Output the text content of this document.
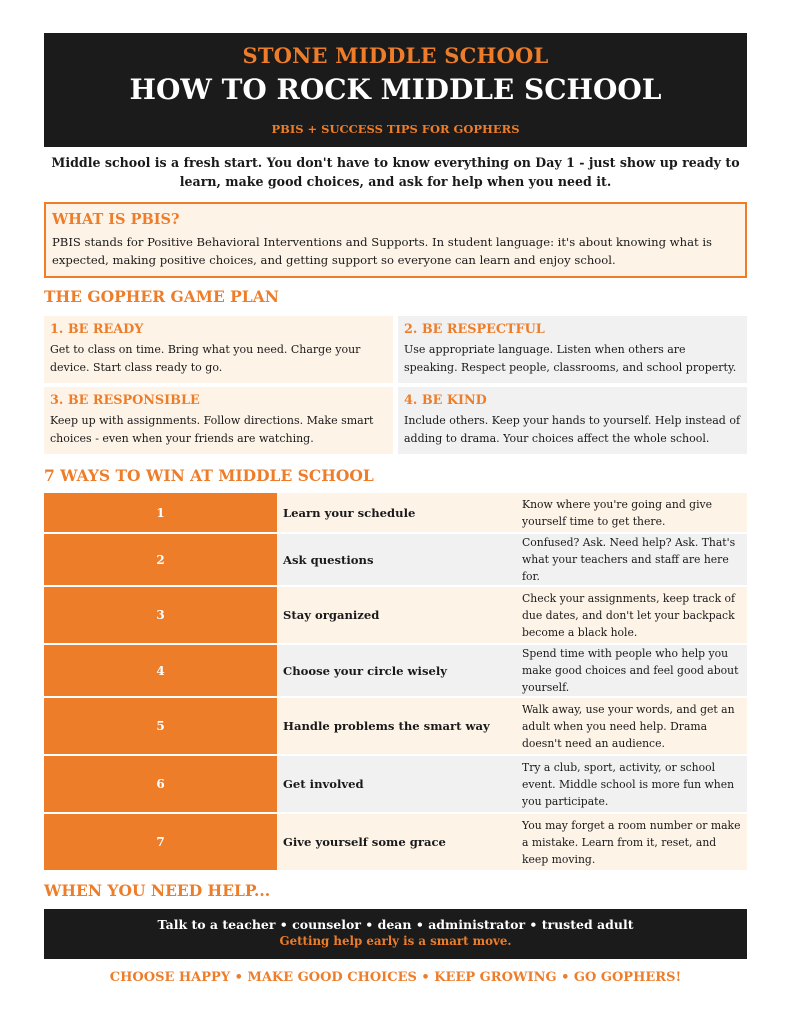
STONE MIDDLE SCHOOL
HOW TO ROCK MIDDLE SCHOOL
PBIS + SUCCESS TIPS FOR GOPHERS
Middle school is a fresh start. You don't have to know everything on Day 1 - just show up ready to learn, make good choices, and ask for help when you need it.
WHAT IS PBIS?
PBIS stands for Positive Behavioral Interventions and Supports. In student language: it's about knowing what is expected, making positive choices, and getting support so everyone can learn and enjoy school.
THE GOPHER GAME PLAN
1. BE READY
Get to class on time. Bring what you need. Charge your device. Start class ready to go.
2. BE RESPECTFUL
Use appropriate language. Listen when others are speaking. Respect people, classrooms, and school property.
3. BE RESPONSIBLE
Keep up with assignments. Follow directions. Make smart choices - even when your friends are watching.
4. BE KIND
Include others. Keep your hands to yourself. Help instead of adding to drama. Your choices affect the whole school.
7 WAYS TO WIN AT MIDDLE SCHOOL
1	Learn your schedule	Know where you're going and give yourself time to get there.
2	Ask questions	Confused? Ask. Need help? Ask. That's what your teachers and staff are here for.
3	Stay organized	Check your assignments, keep track of due dates, and don't let your backpack become a black hole.
4	Choose your circle wisely	Spend time with people who help you make good choices and feel good about yourself.
5	Handle problems the smart way	Walk away, use your words, and get an adult when you need help. Drama doesn't need an audience.
6	Get involved	Try a club, sport, activity, or school event. Middle school is more fun when you participate.
7	Give yourself some grace	You may forget a room number or make a mistake. Learn from it, reset, and keep moving.
WHEN YOU NEED HELP...
Talk to a teacher • counselor • dean • administrator • trusted adult
Getting help early is a smart move.
CHOOSE HAPPY • MAKE GOOD CHOICES • KEEP GROWING • GO GOPHERS!
